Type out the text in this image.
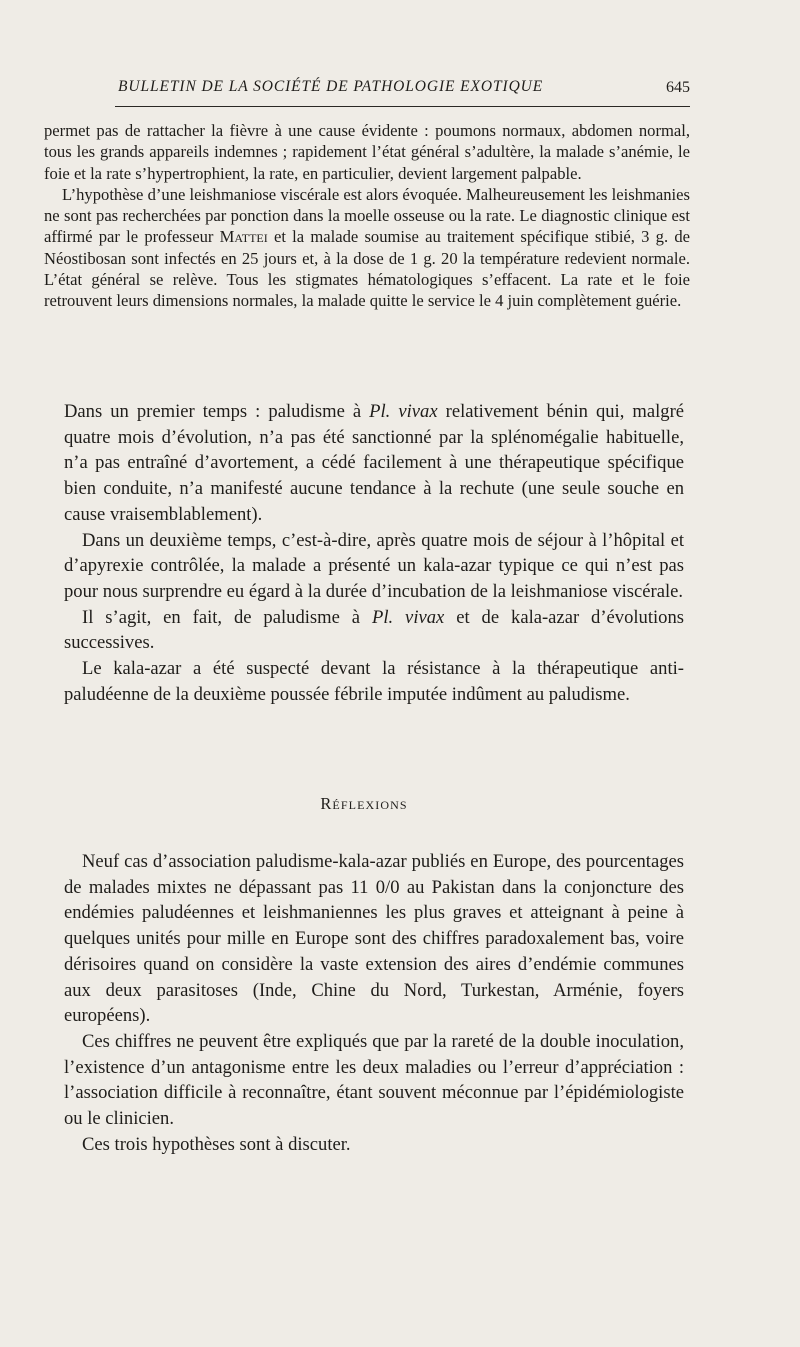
BULLETIN DE LA SOCIÉTÉ DE PATHOLOGIE EXOTIQUE	645

permet pas de rattacher la fièvre à une cause évidente : poumons normaux, abdomen normal, tous les grands appareils indemnes ; rapidement l’état général s’adultère, la malade s’anémie, le foie et la rate s’hypertrophient, la rate, en particulier, devient largement palpable.

L’hypothèse d’une leishmaniose viscérale est alors évoquée. Malheureusement les leishmanies ne sont pas recherchées par ponction dans la moelle osseuse ou la rate. Le diagnostic clinique est affirmé par le professeur Mattei et la malade soumise au traitement spécifique stibié, 3 g. de Néostibosan sont infectés en 25 jours et, à la dose de 1 g. 20 la température redevient normale. L’état général se relève. Tous les stigmates hématologiques s’effacent. La rate et le foie retrouvent leurs dimensions normales, la malade quitte le service le 4 juin complètement guérie.

Dans un premier temps : paludisme à Pl. vivax relativement bénin qui, malgré quatre mois d’évolution, n’a pas été sanctionné par la splénomégalie habituelle, n’a pas entraîné d’avortement, a cédé facilement à une thérapeutique spécifique bien conduite, n’a manifesté aucune tendance à la rechute (une seule souche en cause vraisemblablement).

Dans un deuxième temps, c’est-à-dire, après quatre mois de séjour à l’hôpital et d’apyrexie contrôlée, la malade a présenté un kala-azar typique ce qui n’est pas pour nous surprendre eu égard à la durée d’incubation de la leishmaniose viscérale.

Il s’agit, en fait, de paludisme à Pl. vivax et de kala-azar d’évolutions successives.

Le kala-azar a été suspecté devant la résistance à la thérapeutique anti-paludéenne de la deuxième poussée fébrile imputée indûment au paludisme.

Réflexions

Neuf cas d’association paludisme-kala-azar publiés en Europe, des pourcentages de malades mixtes ne dépassant pas 11 0/0 au Pakistan dans la conjoncture des endémies paludéennes et leishmaniennes les plus graves et atteignant à peine à quelques unités pour mille en Europe sont des chiffres paradoxalement bas, voire dérisoires quand on considère la vaste extension des aires d’endémie communes aux deux parasitoses (Inde, Chine du Nord, Turkestan, Arménie, foyers européens).

Ces chiffres ne peuvent être expliqués que par la rareté de la double inoculation, l’existence d’un antagonisme entre les deux maladies ou l’erreur d’appréciation : l’association difficile à reconnaître, étant souvent méconnue par l’épidémiologiste ou le clinicien.

Ces trois hypothèses sont à discuter.
